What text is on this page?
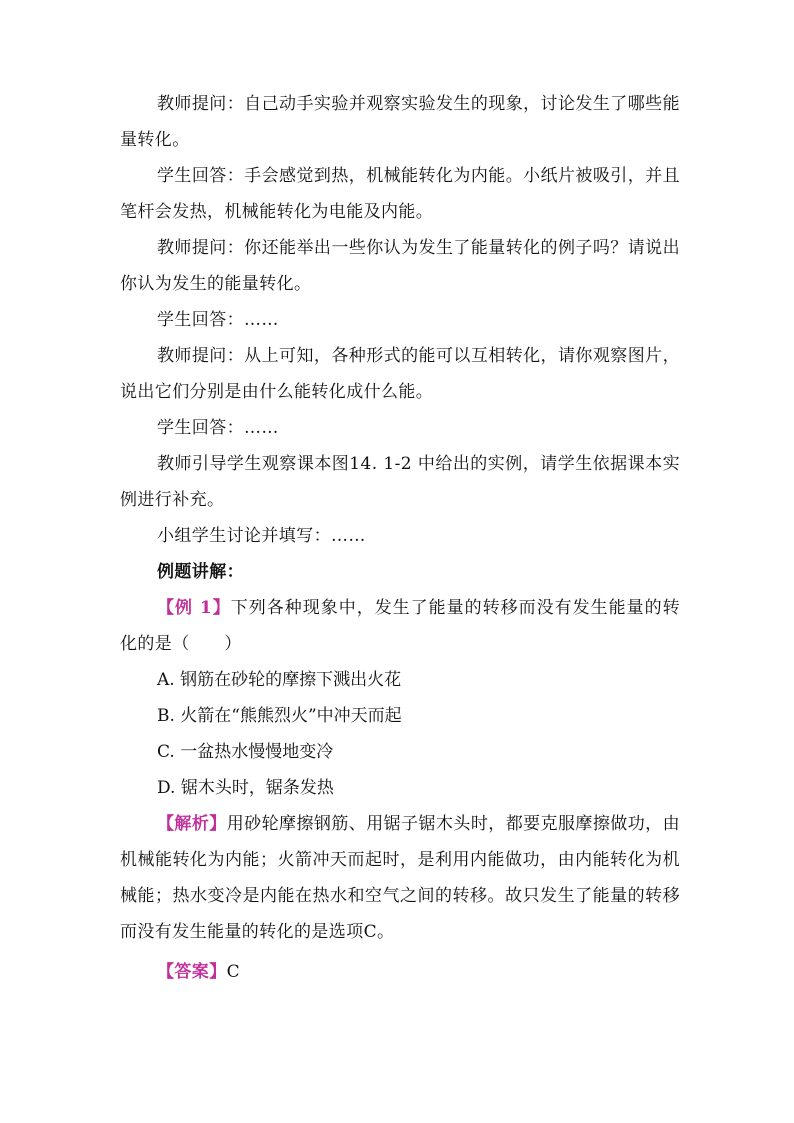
教师提问：自己动手实验并观察实验发生的现象，讨论发生了哪些能量转化。

学生回答：手会感觉到热，机械能转化为内能。小纸片被吸引，并且笔杆会发热，机械能转化为电能及内能。

教师提问：你还能举出一些你认为发生了能量转化的例子吗？请说出你认为发生的能量转化。

学生回答：……

教师提问：从上可知，各种形式的能可以互相转化，请你观察图片，说出它们分别是由什么能转化成什么能。

学生回答：……

教师引导学生观察课本图14. 1-2 中给出的实例，请学生依据课本实例进行补充。

小组学生讨论并填写：……

例题讲解：

【例 1】下列各种现象中，发生了能量的转移而没有发生能量的转化的是（　　）

A. 钢筋在砂轮的摩擦下溅出火花

B. 火箭在“熊熊烈火”中冲天而起

C. 一盆热水慢慢地变冷

D. 锯木头时，锯条发热

【解析】用砂轮摩擦钢筋、用锯子锯木头时，都要克服摩擦做功，由机械能转化为内能；火箭冲天而起时，是利用内能做功，由内能转化为机械能；热水变冷是内能在热水和空气之间的转移。故只发生了能量的转移而没有发生能量的转化的是选项C。

【答案】C
